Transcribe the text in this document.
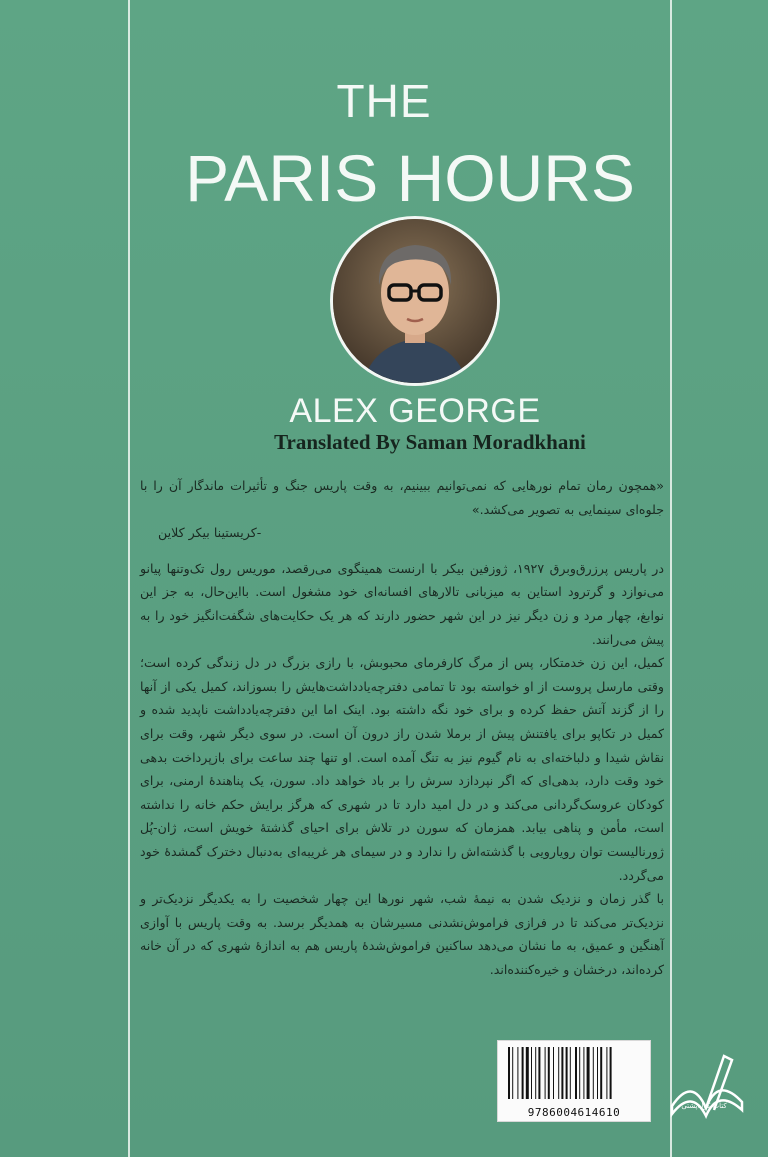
THE
PARIS HOURS
ALEX GEORGE
Translated By Saman Moradkhani

«همچون رمان تمام نورهایی که نمی‌توانیم ببینیم، به وقت پاریس جنگ و تأثیرات ماندگار آن را با جلوه‌ای سینمایی به تصویر می‌کشد.»

-کریستینا بیکر کلاین

در پاریس پرزرق‌وبرق ۱۹۲۷، ژوزفین بیکر با ارنست همینگوی می‌رقصد، موریس رول تک‌وتنها پیانو می‌نوازد و گرترود استاین به میزبانی تالارهای افسانه‌ای خود مشغول است. بااین‌حال، به جز این نوابغ، چهار مرد و زن دیگر نیز در این شهر حضور دارند که هر یک حکایت‌های شگفت‌انگیز خود را به پیش می‌رانند.

کمیل، این زن خدمتکار، پس از مرگ کارفرمای محبوبش، با رازی بزرگ در دل زندگی کرده است؛ وقتی مارسل پروست از او خواسته بود تا تمامی دفترچه‌یادداشت‌هایش را بسوزاند، کمیل یکی از آنها را از گزند آتش حفظ کرده و برای خود نگه داشته بود. اینک اما این دفترچه‌یادداشت ناپدید شده و کمیل در تکاپو برای یافتنش پیش از برملا شدن راز درون آن است. در سوی دیگر شهر، وقت برای نقاش شیدا و دلباخته‌ای به نام گیوم نیز به تنگ آمده است. او تنها چند ساعت برای بازپرداخت بدهی خود وقت دارد، بدهی‌ای که اگر نپردازد سرش را بر باد خواهد داد. سورن، یک پناهندهٔ ارمنی، برای کودکان عروسک‌گردانی می‌کند و در دل امید دارد تا در شهری که هرگز برایش حکم خانه را نداشته است، مأمن و پناهی بیابد. همزمان که سورن در تلاش برای احیای گذشتهٔ خویش است، ژان‌-پُل ژورنالیست توان رویارویی با گذشته‌اش را ندارد و در سیمای هر غریبه‌ای به‌دنبال دخترک گمشدهٔ خود می‌گردد.

با گذر زمان و نزدیک شدن به نیمهٔ شب، شهر نورها این چهار شخصیت را به یکدیگر نزدیک‌تر و نزدیک‌تر می‌کند تا در فرازی فراموش‌نشدنی مسیرشان به همدیگر برسد. به وقت پاریس با آوازی آهنگین و عمیق، به ما نشان می‌دهد ساکنین فراموش‌شدهٔ پاریس هم به اندازهٔ شهری که در آن خانه کرده‌اند، درخشان و خیره‌کننده‌اند.

9786004614610	کتاب کوله‌پشتی
